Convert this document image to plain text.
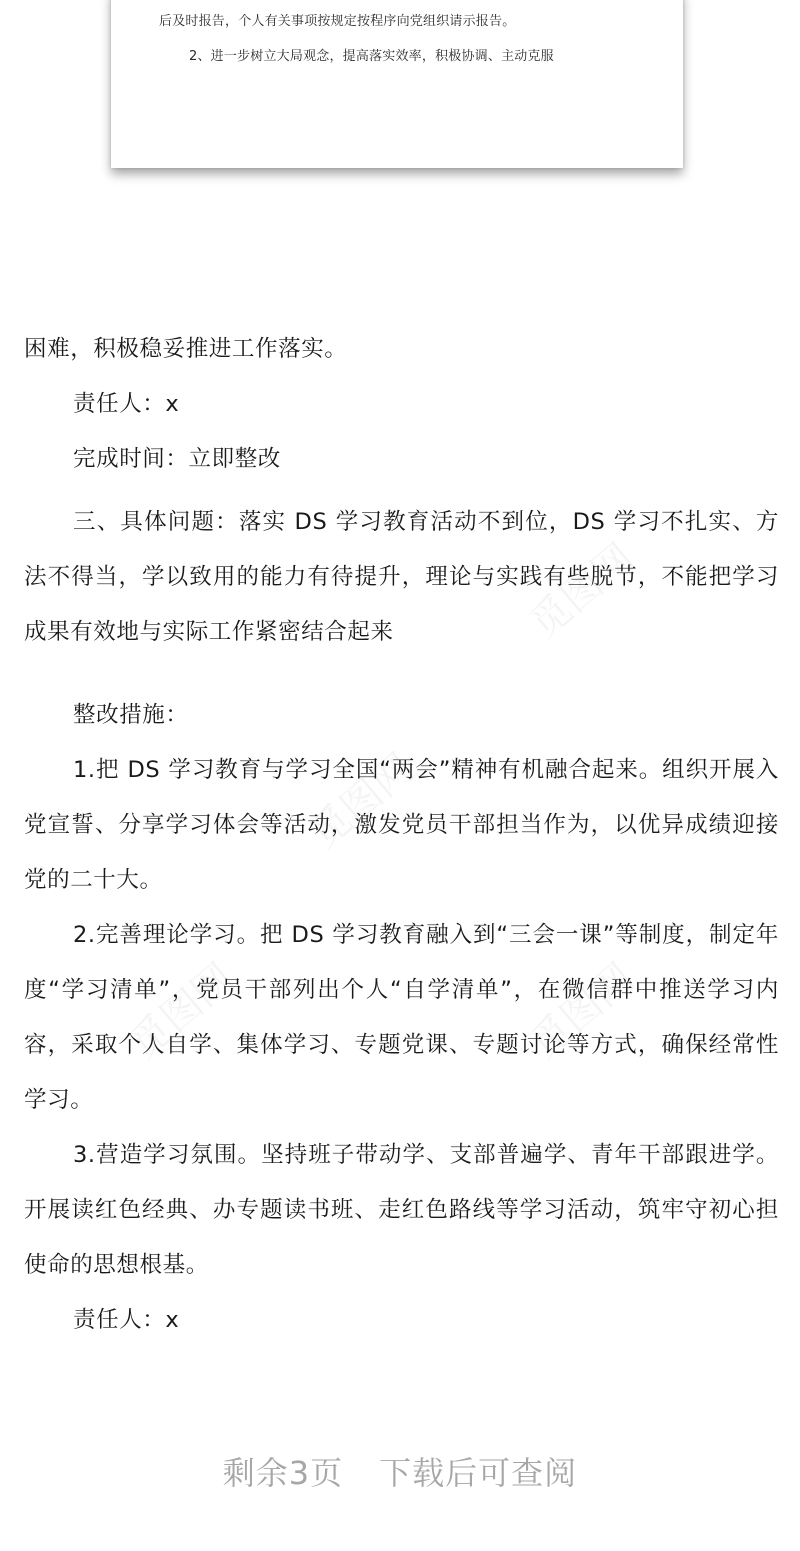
后及时报告，个人有关事项按规定按程序向党组织请示报告。
2、进一步树立大局观念，提高落实效率，积极协调、主动克服

困难，积极稳妥推进工作落实。

责任人：x

完成时间：立即整改

三、具体问题：落实 DS 学习教育活动不到位，DS 学习不扎实、方法不得当，学以致用的能力有待提升，理论与实践有些脱节，不能把学习成果有效地与实际工作紧密结合起来

整改措施：

1.把 DS 学习教育与学习全国“两会”精神有机融合起来。组织开展入党宣誓、分享学习体会等活动，激发党员干部担当作为，以优异成绩迎接党的二十大。

2.完善理论学习。把 DS 学习教育融入到“三会一课”等制度，制定年度“学习清单”，党员干部列出个人“自学清单”，在微信群中推送学习内容，采取个人自学、集体学习、专题党课、专题讨论等方式，确保经常性学习。

3.营造学习氛围。坚持班子带动学、支部普遍学、青年干部跟进学。开展读红色经典、办专题读书班、走红色路线等学习活动，筑牢守初心担使命的思想根基。

责任人：x

剩余3页 下载后可查阅
